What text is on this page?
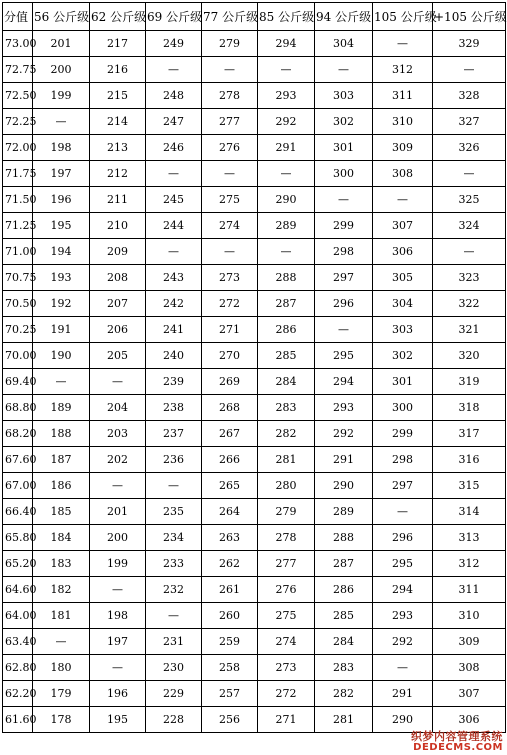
分值	56 公斤级	62 公斤级	69 公斤级	77 公斤级	85 公斤级	94 公斤级	105 公斤级	+105 公斤级
73.00	201	217	249	279	294	304	—	329
72.75	200	216	—	—	—	—	312	—
72.50	199	215	248	278	293	303	311	328
72.25	—	214	247	277	292	302	310	327
72.00	198	213	246	276	291	301	309	326
71.75	197	212	—	—	—	300	308	—
71.50	196	211	245	275	290	—	—	325
71.25	195	210	244	274	289	299	307	324
71.00	194	209	—	—	—	298	306	—
70.75	193	208	243	273	288	297	305	323
70.50	192	207	242	272	287	296	304	322
70.25	191	206	241	271	286	—	303	321
70.00	190	205	240	270	285	295	302	320
69.40	—	—	239	269	284	294	301	319
68.80	189	204	238	268	283	293	300	318
68.20	188	203	237	267	282	292	299	317
67.60	187	202	236	266	281	291	298	316
67.00	186	—	—	265	280	290	297	315
66.40	185	201	235	264	279	289	—	314
65.80	184	200	234	263	278	288	296	313
65.20	183	199	233	262	277	287	295	312
64.60	182	—	232	261	276	286	294	311
64.00	181	198	—	260	275	285	293	310
63.40	—	197	231	259	274	284	292	309
62.80	180	—	230	258	273	283	—	308
62.20	179	196	229	257	272	282	291	307
61.60	178	195	228	256	271	281	290	306
织梦内容管理系统
DEDECMS.COM
